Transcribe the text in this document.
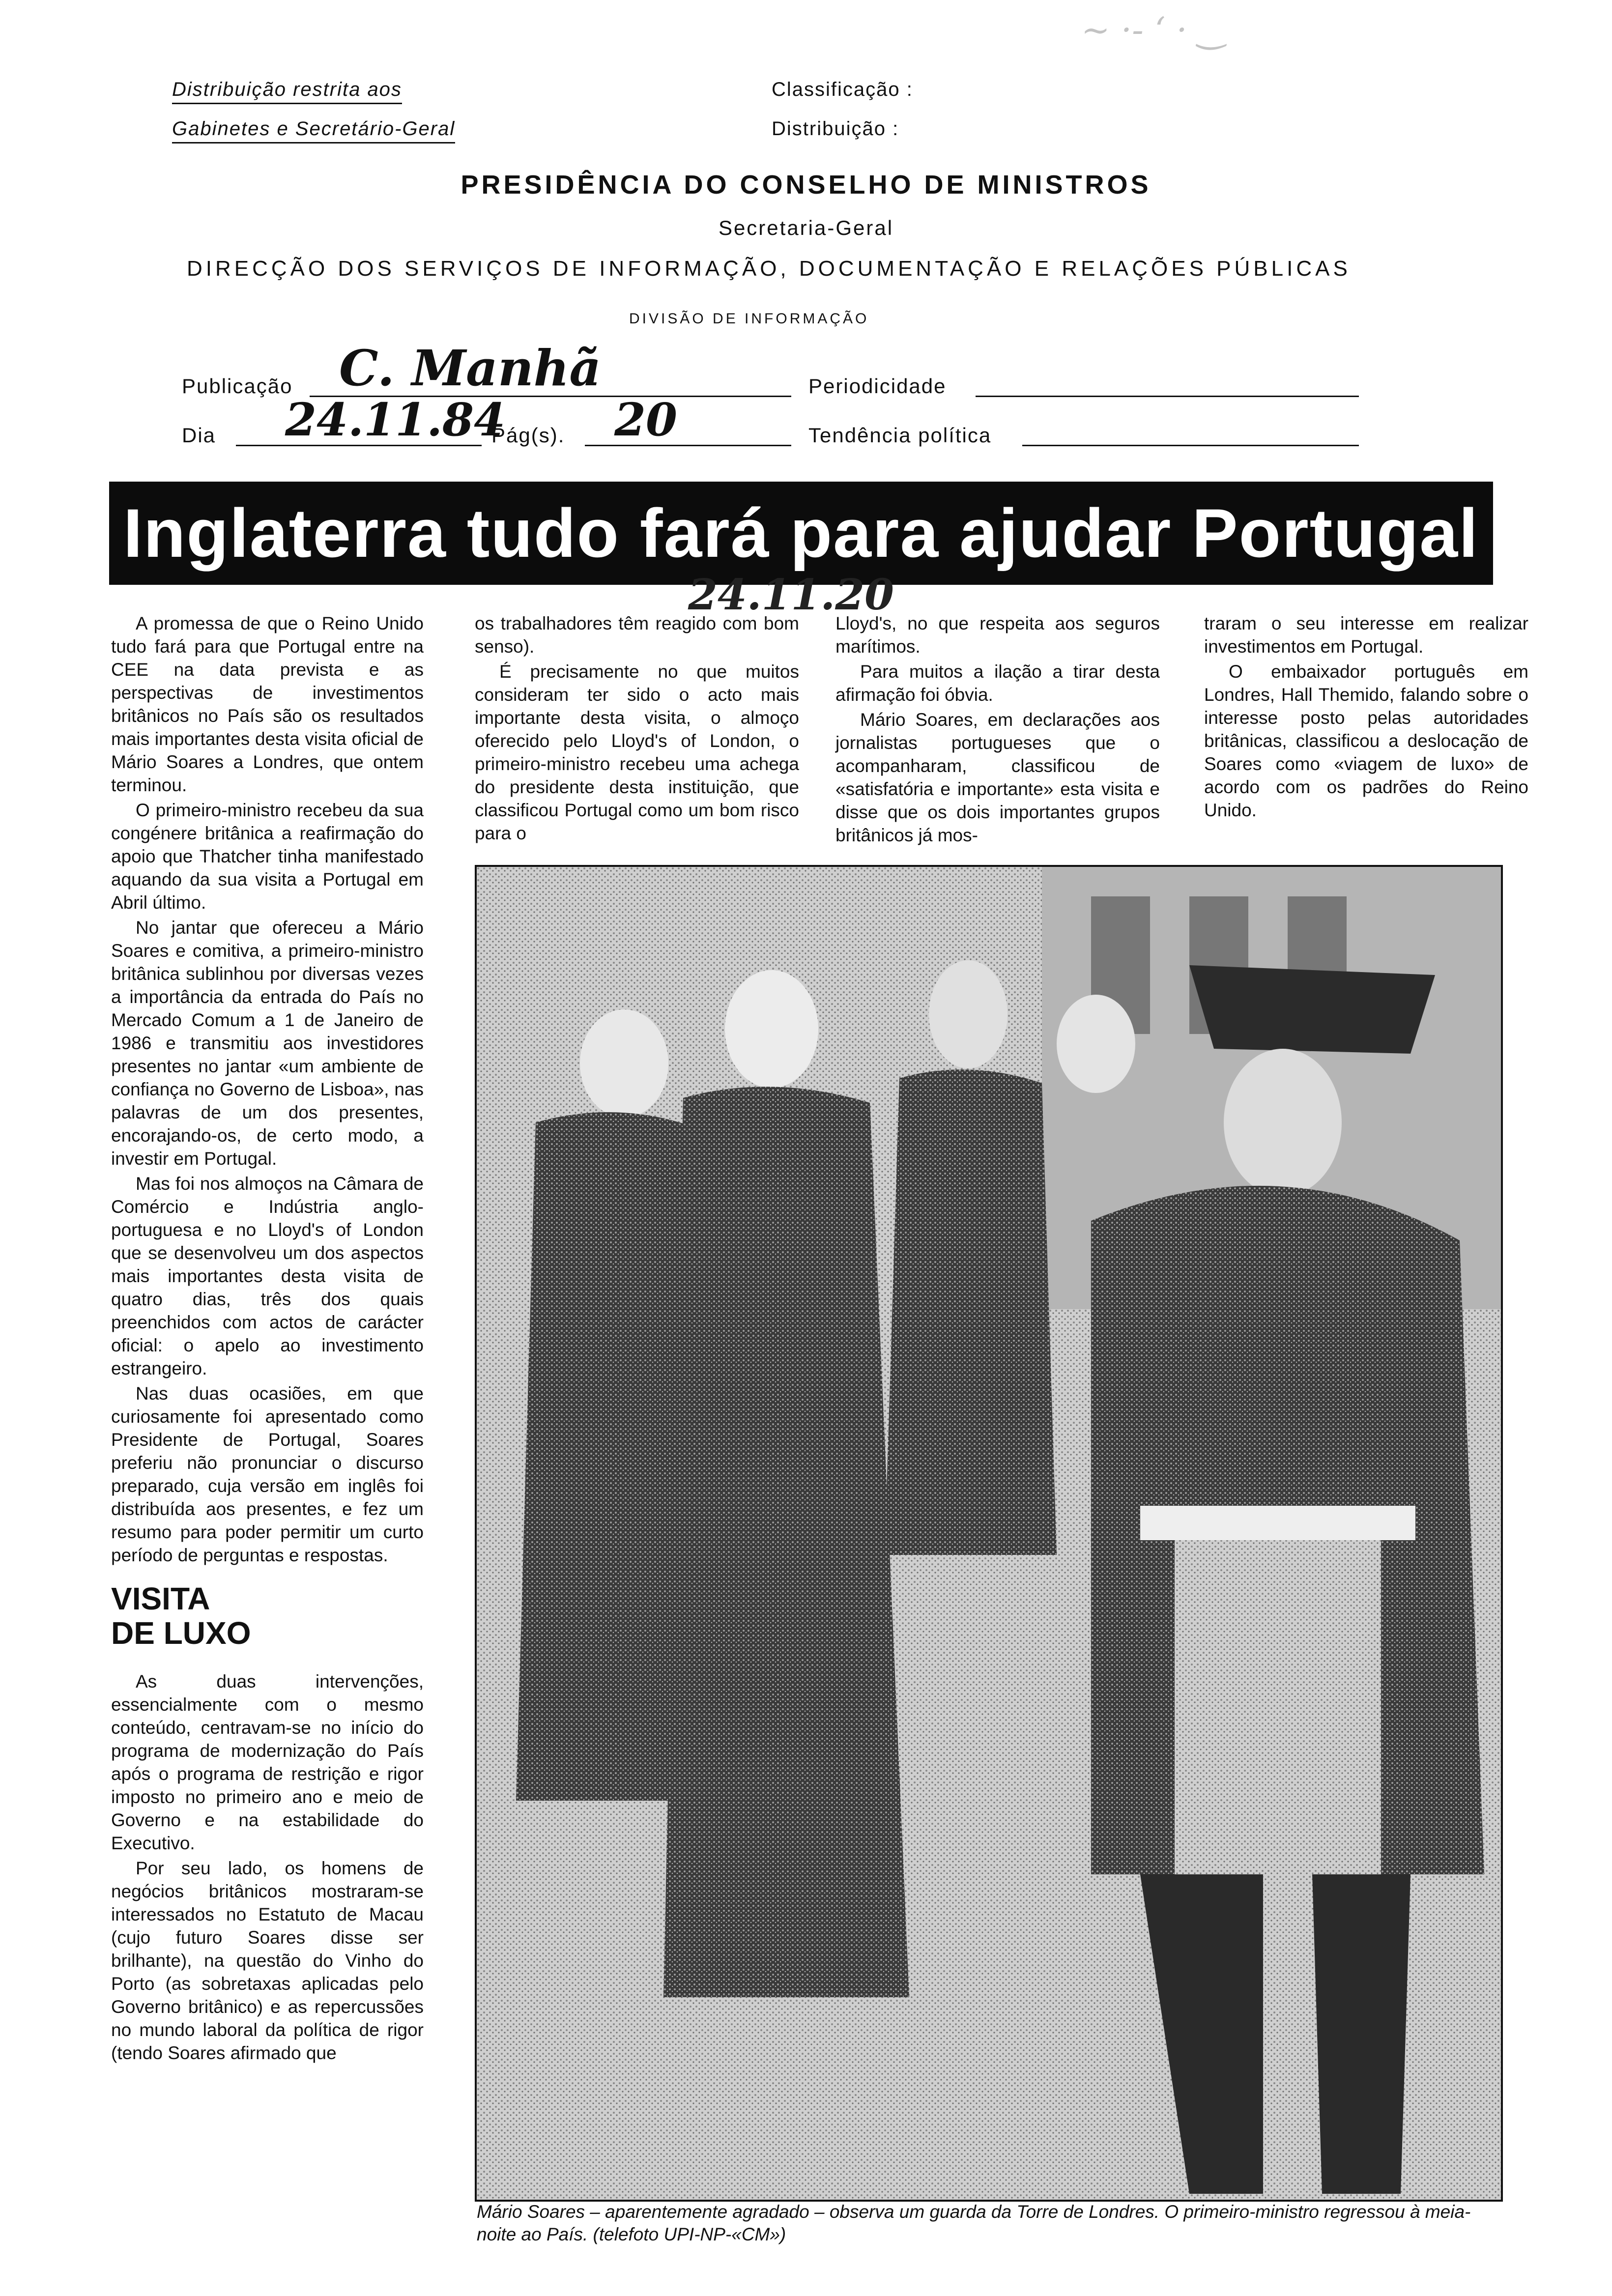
~ ·- ʻ · ‿
Distribuição restrita aos
Gabinetes e Secretário-Geral
Classificação :
Distribuição :
PRESIDÊNCIA DO CONSELHO DE MINISTROS
Secretaria-Geral
DIRECÇÃO DOS SERVIÇOS DE INFORMAÇÃO, DOCUMENTAÇÃO E RELAÇÕES PÚBLICAS
DIVISÃO DE INFORMAÇÃO
Publicação C. Manhã	Periodicidade
Dia 24.11.84
Pág(s). 20	Tendência política
Inglaterra tudo fará para ajudar Portugal
24.11.20

A promessa de que o Reino Unido tudo fará para que Portugal entre na CEE na data prevista e as perspectivas de investimentos britânicos no País são os resultados mais importantes desta visita oficial de Mário Soares a Londres, que ontem terminou.

O primeiro-ministro recebeu da sua congénere britânica a reafirmação do apoio que Thatcher tinha manifestado aquando da sua visita a Portugal em Abril último.

No jantar que ofereceu a Mário Soares e comitiva, a primeiro-ministro britânica sublinhou por diversas vezes a importância da entrada do País no Mercado Comum a 1 de Janeiro de 1986 e transmitiu aos investidores presentes no jantar «um ambiente de confiança no Governo de Lisboa», nas palavras de um dos presentes, encorajando-os, de certo modo, a investir em Portugal.

Mas foi nos almoços na Câmara de Comércio e Indústria anglo-portuguesa e no Lloyd's of London que se desenvolveu um dos aspectos mais importantes desta visita de quatro dias, três dos quais preenchidos com actos de carácter oficial: o apelo ao investimento estrangeiro.

Nas duas ocasiões, em que curiosamente foi apresentado como Presidente de Portugal, Soares preferiu não pronunciar o discurso preparado, cuja versão em inglês foi distribuída aos presentes, e fez um resumo para poder permitir um curto período de perguntas e respostas.

VISITA
DE LUXO

As duas intervenções, essencialmente com o mesmo conteúdo, centravam-se no início do programa de modernização do País após o programa de restrição e rigor imposto no primeiro ano e meio de Governo e na estabilidade do Executivo.

Por seu lado, os homens de negócios britânicos mostraram-se interessados no Estatuto de Macau (cujo futuro Soares disse ser brilhante), na questão do Vinho do Porto (as sobretaxas aplicadas pelo Governo britânico) e as repercussões no mundo laboral da política de rigor (tendo Soares afirmado que

os trabalhadores têm reagido com bom senso).

É precisamente no que muitos consideram ter sido o acto mais importante desta visita, o almoço oferecido pelo Lloyd's of London, o primeiro-ministro recebeu uma achega do presidente desta instituição, que classificou Portugal como um bom risco para o

Lloyd's, no que respeita aos seguros marítimos.

Para muitos a ilação a tirar desta afirmação foi óbvia.

Mário Soares, em declarações aos jornalistas portugueses que o acompanharam, classificou de «satisfatória e importante» esta visita e disse que os dois importantes grupos britânicos já mos-

traram o seu interesse em realizar investimentos em Portugal.

O embaixador português em Londres, Hall Themido, falando sobre o interesse posto pelas autoridades britânicas, classificou a deslocação de Soares como «viagem de luxo» de acordo com os padrões do Reino Unido.

Mário Soares – aparentemente agradado – observa um guarda da Torre de Londres. O primeiro-ministro regressou à meia-noite ao País. (telefoto UPI-NP-«CM»)
